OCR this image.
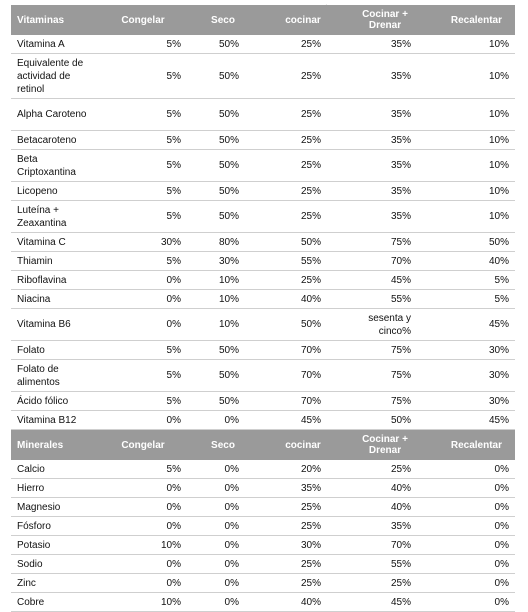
Vitaminas	Congelar	Seco	cocinar	Cocinar + Drenar	Recalentar
Vitamina A	5%	50%	25%	35%	10%
Equivalente de actividad de retinol	5%	50%	25%	35%	10%
Alpha Caroteno	5%	50%	25%	35%	10%
Betacaroteno	5%	50%	25%	35%	10%
Beta Criptoxantina	5%	50%	25%	35%	10%
Licopeno	5%	50%	25%	35%	10%
Luteína + Zeaxantina	5%	50%	25%	35%	10%
Vitamina C	30%	80%	50%	75%	50%
Thiamin	5%	30%	55%	70%	40%
Riboflavina	0%	10%	25%	45%	5%
Niacina	0%	10%	40%	55%	5%
Vitamina B6	0%	10%	50%	sesenta y cinco%	45%
Folato	5%	50%	70%	75%	30%
Folato de alimentos	5%	50%	70%	75%	30%
Ácido fólico	5%	50%	70%	75%	30%
Vitamina B12	0%	0%	45%	50%	45%
Minerales	Congelar	Seco	cocinar	Cocinar + Drenar	Recalentar
Calcio	5%	0%	20%	25%	0%
Hierro	0%	0%	35%	40%	0%
Magnesio	0%	0%	25%	40%	0%
Fósforo	0%	0%	25%	35%	0%
Potasio	10%	0%	30%	70%	0%
Sodio	0%	0%	25%	55%	0%
Zinc	0%	0%	25%	25%	0%
Cobre	10%	0%	40%	45%	0%
